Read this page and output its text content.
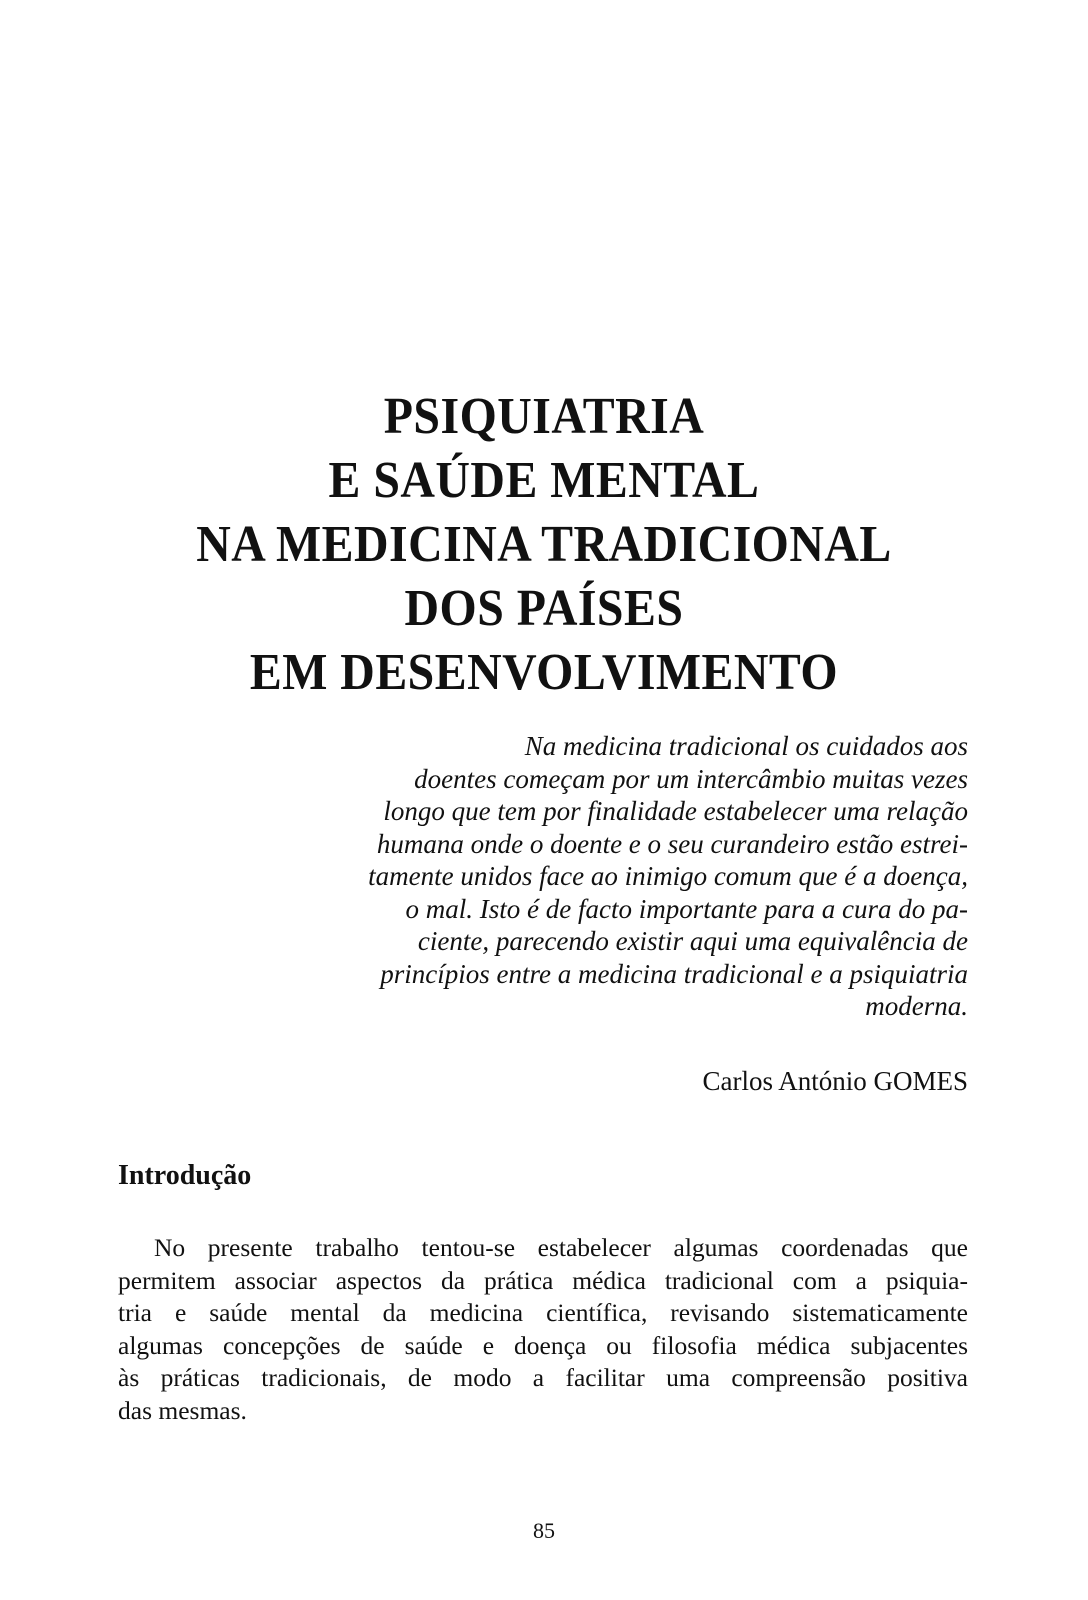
PSIQUIATRIA
E SAÚDE MENTAL
NA MEDICINA TRADICIONAL
DOS PAÍSES
EM DESENVOLVIMENTO
Na medicina tradicional os cuidados aos
doentes começam por um intercâmbio muitas vezes
longo que tem por finalidade estabelecer uma relação
humana onde o doente e o seu curandeiro estão estrei-
tamente unidos face ao inimigo comum que é a doença,
o mal. Isto é de facto importante para a cura do pa-
ciente, parecendo existir aqui uma equivalência de
princípios entre a medicina tradicional e a psiquiatria
moderna.
Carlos António GOMES
Introdução
No presente trabalho tentou-se estabelecer algumas coordenadas que
permitem associar aspectos da prática médica tradicional com a psiquia-
tria e saúde mental da medicina científica, revisando sistematicamente
algumas concepções de saúde e doença ou filosofia médica subjacentes
às práticas tradicionais, de modo a facilitar uma compreensão positiva
das mesmas.
85
